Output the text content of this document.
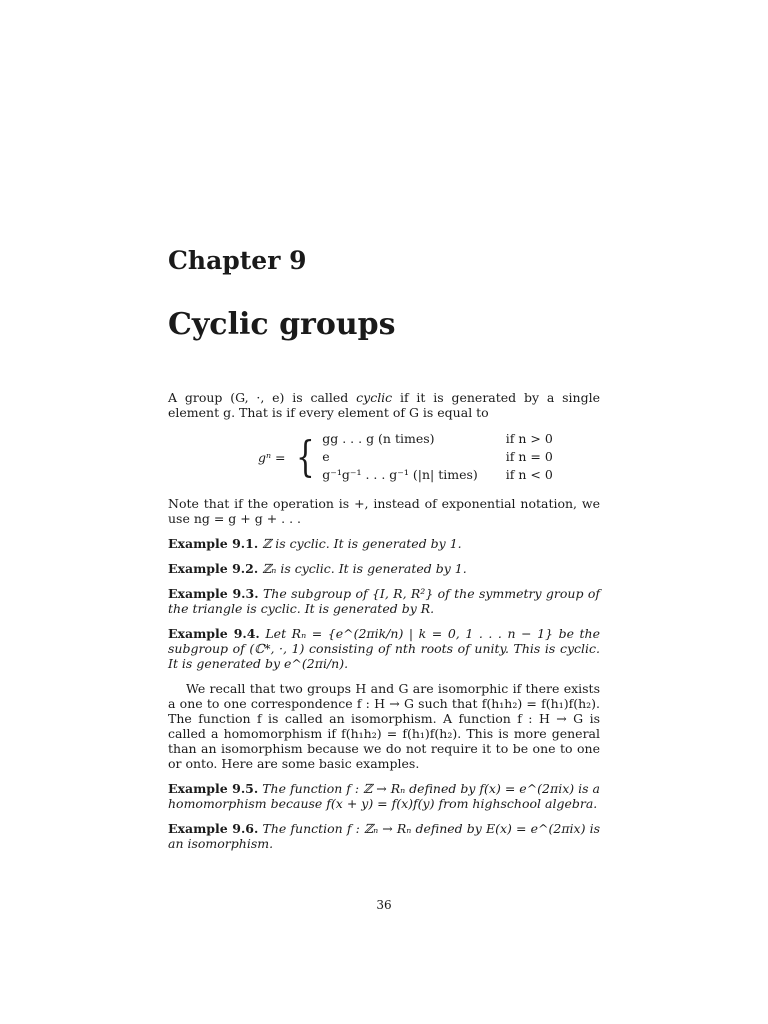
Chapter 9
Cyclic groups

A group (G, ·, e) is called cyclic if it is generated by a single element g. That is if every element of G is equal to

gⁿ = { gg . . . g (n times)	if n > 0
e	if n = 0
g⁻¹g⁻¹ . . . g⁻¹ (|n| times)	if n < 0

Note that if the operation is +, instead of exponential notation, we use ng = g + g + . . .

Example 9.1. ℤ is cyclic. It is generated by 1.

Example 9.2. ℤₙ is cyclic. It is generated by 1.

Example 9.3. The subgroup of {I, R, R²} of the symmetry group of the triangle is cyclic. It is generated by R.

Example 9.4. Let Rₙ = {e^(2πik/n) | k = 0, 1 . . . n − 1} be the subgroup of (ℂ*, ·, 1) consisting of nth roots of unity. This is cyclic. It is generated by e^(2πi/n).

We recall that two groups H and G are isomorphic if there exists a one to one correspondence f : H → G such that f(h₁h₂) = f(h₁)f(h₂). The function f is called an isomorphism. A function f : H → G is called a homomorphism if f(h₁h₂) = f(h₁)f(h₂). This is more general than an isomorphism because we do not require it to be one to one or onto. Here are some basic examples.

Example 9.5. The function f : ℤ → Rₙ defined by f(x) = e^(2πix) is a homomorphism because f(x + y) = f(x)f(y) from highschool algebra.

Example 9.6. The function f : ℤₙ → Rₙ defined by E(x) = e^(2πix) is an isomorphism.

36
